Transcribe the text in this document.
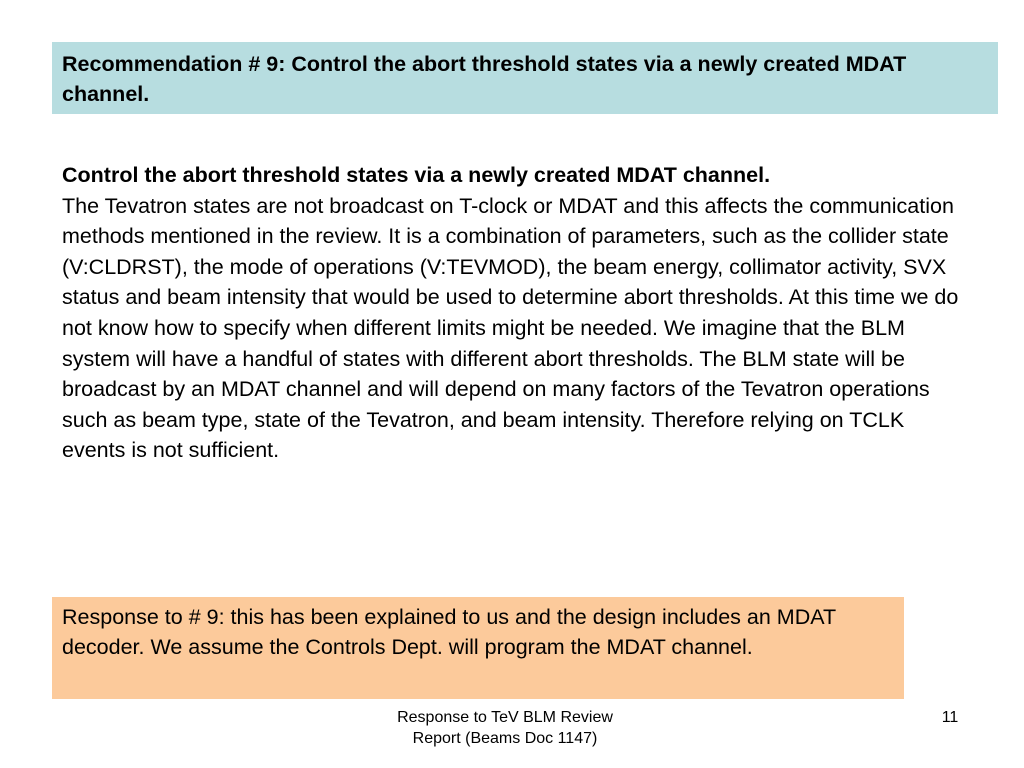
Recommendation # 9: Control the abort threshold states via a newly created MDAT channel.
Control the abort threshold states via a newly created MDAT channel.
The Tevatron states are not broadcast on T-clock or MDAT and this affects the communication methods mentioned in the review. It is a combination of parameters, such as the collider state (V:CLDRST), the mode of operations (V:TEVMOD), the beam energy, collimator activity, SVX status and beam intensity that would be used to determine abort thresholds. At this time we do not know how to specify when different limits might be needed. We imagine that the BLM system will have a handful of states with different abort thresholds. The BLM state will be broadcast by an MDAT channel and will depend on many factors of the Tevatron operations such as beam type, state of the Tevatron, and beam intensity. Therefore relying on TCLK events is not sufficient.
Response to # 9: this has been explained to us and the design includes an MDAT decoder. We assume the Controls Dept. will program the MDAT channel.
Response to TeV BLM Review
Report (Beams Doc 1147)
11
